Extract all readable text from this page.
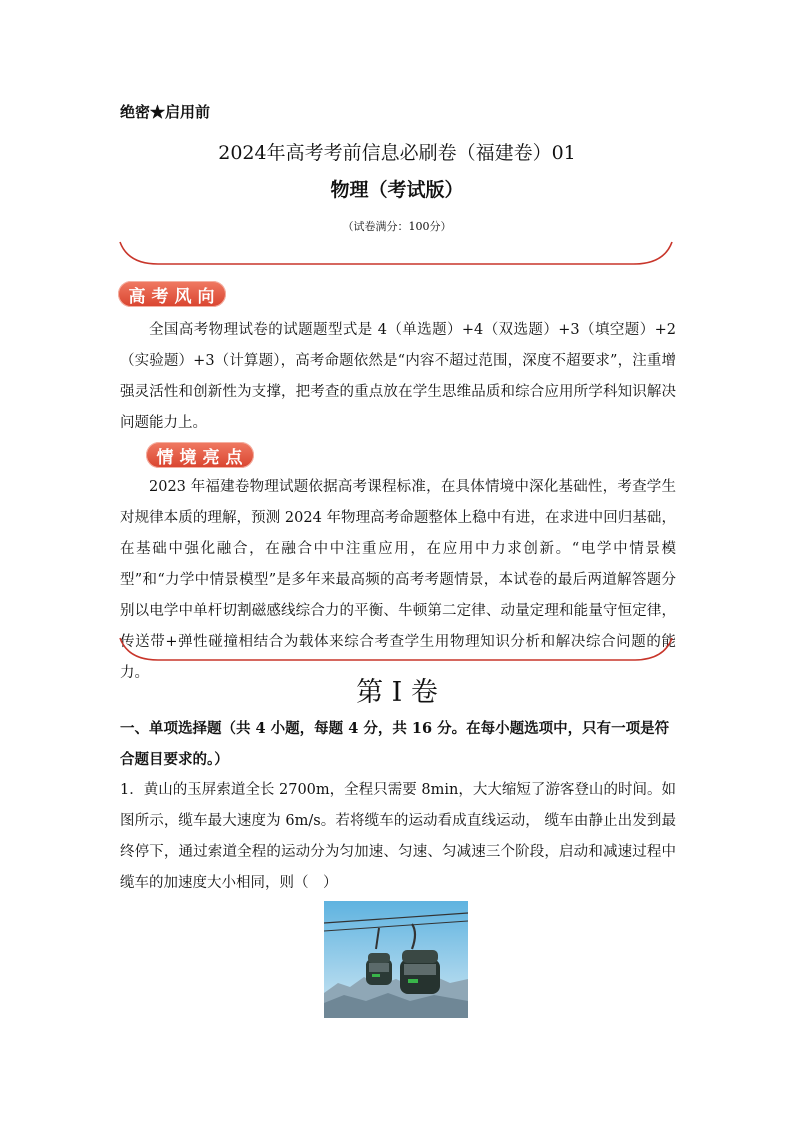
绝密★启用前
2024年高考考前信息必刷卷（福建卷）01
物理（考试版）
（试卷满分：100分）
高 考 风 向

全国高考物理试卷的试题题型式是 4（单选题）+4（双选题）+3（填空题）+2（实验题）+3（计算题），高考命题依然是“内容不超过范围，深度不超要求”，注重增强灵活性和创新性为支撑，把考查的重点放在学生思维品质和综合应用所学科知识解决问题能力上。

情 境 亮 点

2023 年福建卷物理试题依据高考课程标准，在具体情境中深化基础性，考查学生对规律本质的理解，预测 2024 年物理高考命题整体上稳中有进，在求进中回归基础，在基础中强化融合，在融合中中注重应用，在应用中力求创新。“电学中情景模型”和“力学中情景模型”是多年来最高频的高考考题情景，本试卷的最后两道解答题分别以电学中单杆切割磁感线综合力的平衡、牛顿第二定律、动量定理和能量守恒定律，传送带+弹性碰撞相结合为载体来综合考查学生用物理知识分析和解决综合问题的能力。

第 I 卷

一、单项选择题（共 4 小题，每题 4 分，共 16 分。在每小题选项中，只有一项是符合题目要求的。）

1．黄山的玉屏索道全长 2700m，全程只需要 8min，大大缩短了游客登山的时间。如图所示，缆车最大速度为 6m/s。若将缆车的运动看成直线运动， 缆车由静止出发到最终停下，通过索道全程的运动分为匀加速、匀速、匀减速三个阶段，启动和减速过程中缆车的加速度大小相同，则（　）
